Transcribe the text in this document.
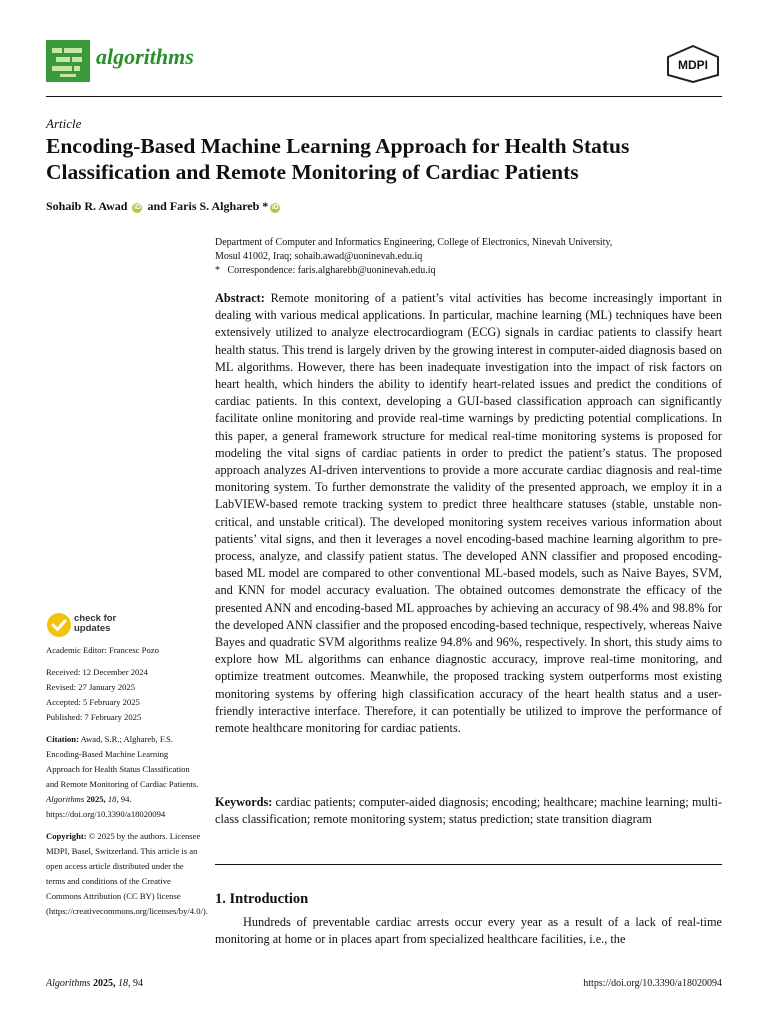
algorithms	MDPI
Article
Encoding-Based Machine Learning Approach for Health Status Classification and Remote Monitoring of Cardiac Patients
Sohaib R. Awad iD and Faris S. Alghareb * iD
Department of Computer and Informatics Engineering, College of Electronics, Ninevah University,
Mosul 41002, Iraq; sohaib.awad@uoninevah.edu.iq
* Correspondence: faris.algharebb@uoninevah.edu.iq
Abstract: Remote monitoring of a patient’s vital activities has become increasingly important in dealing with various medical applications. In particular, machine learning (ML) techniques have been extensively utilized to analyze electrocardiogram (ECG) signals in cardiac patients to classify heart health status. This trend is largely driven by the growing interest in computer-aided diagnosis based on ML algorithms. However, there has been inadequate investigation into the impact of risk factors on heart health, which hinders the ability to identify heart-related issues and predict the conditions of cardiac patients. In this context, developing a GUI-based classification approach can significantly facilitate online monitoring and provide real-time warnings by predicting potential complications. In this paper, a general framework structure for medical real-time monitoring systems is proposed for modeling the vital signs of cardiac patients in order to predict the patient’s status. The proposed approach analyzes AI-driven interventions to provide a more accurate cardiac diagnosis and real-time monitoring system. To further demonstrate the validity of the presented approach, we employ it in a LabVIEW-based remote tracking system to predict three healthcare statuses (stable, unstable non-critical, and unstable critical). The developed monitoring system receives various information about patients’ vital signs, and then it leverages a novel encoding-based machine learning algorithm to pre-process, analyze, and classify patient status. The developed ANN classifier and proposed encoding-based ML model are compared to other conventional ML-based models, such as Naive Bayes, SVM, and KNN for model accuracy evaluation. The obtained outcomes demonstrate the efficacy of the presented ANN and encoding-based ML approaches by achieving an accuracy of 98.4% and 98.8% for the developed ANN classifier and the proposed encoding-based technique, respectively, whereas Naive Bayes and quadratic SVM algorithms realize 94.8% and 96%, respectively. In short, this study aims to explore how ML algorithms can enhance diagnostic accuracy, improve real-time monitoring, and optimize treatment outcomes. Meanwhile, the proposed tracking system outperforms most existing monitoring systems by offering high classification accuracy of the heart health status and a user-friendly interactive interface. Therefore, it can potentially be utilized to improve the performance of remote healthcare monitoring for cardiac patients.
Keywords: cardiac patients; computer-aided diagnosis; encoding; healthcare; machine learning; multi-class classification; remote monitoring system; status prediction; state transition diagram
1. Introduction
Hundreds of preventable cardiac arrests occur every year as a result of a lack of real-time monitoring at home or in places apart from specialized healthcare facilities, i.e., the
check for
updates
Academic Editor: Francesc Pozo
Received: 12 December 2024
Revised: 27 January 2025
Accepted: 5 February 2025
Published: 7 February 2025
Citation: Awad, S.R.; Alghareb, F.S. Encoding-Based Machine Learning Approach for Health Status Classification and Remote Monitoring of Cardiac Patients. Algorithms 2025, 18, 94. https://doi.org/10.3390/a18020094
Copyright: © 2025 by the authors. Licensee MDPI, Basel, Switzerland. This article is an open access article distributed under the terms and conditions of the Creative Commons Attribution (CC BY) license (https://creativecommons.org/licenses/by/4.0/).
Algorithms 2025, 18, 94	https://doi.org/10.3390/a18020094
